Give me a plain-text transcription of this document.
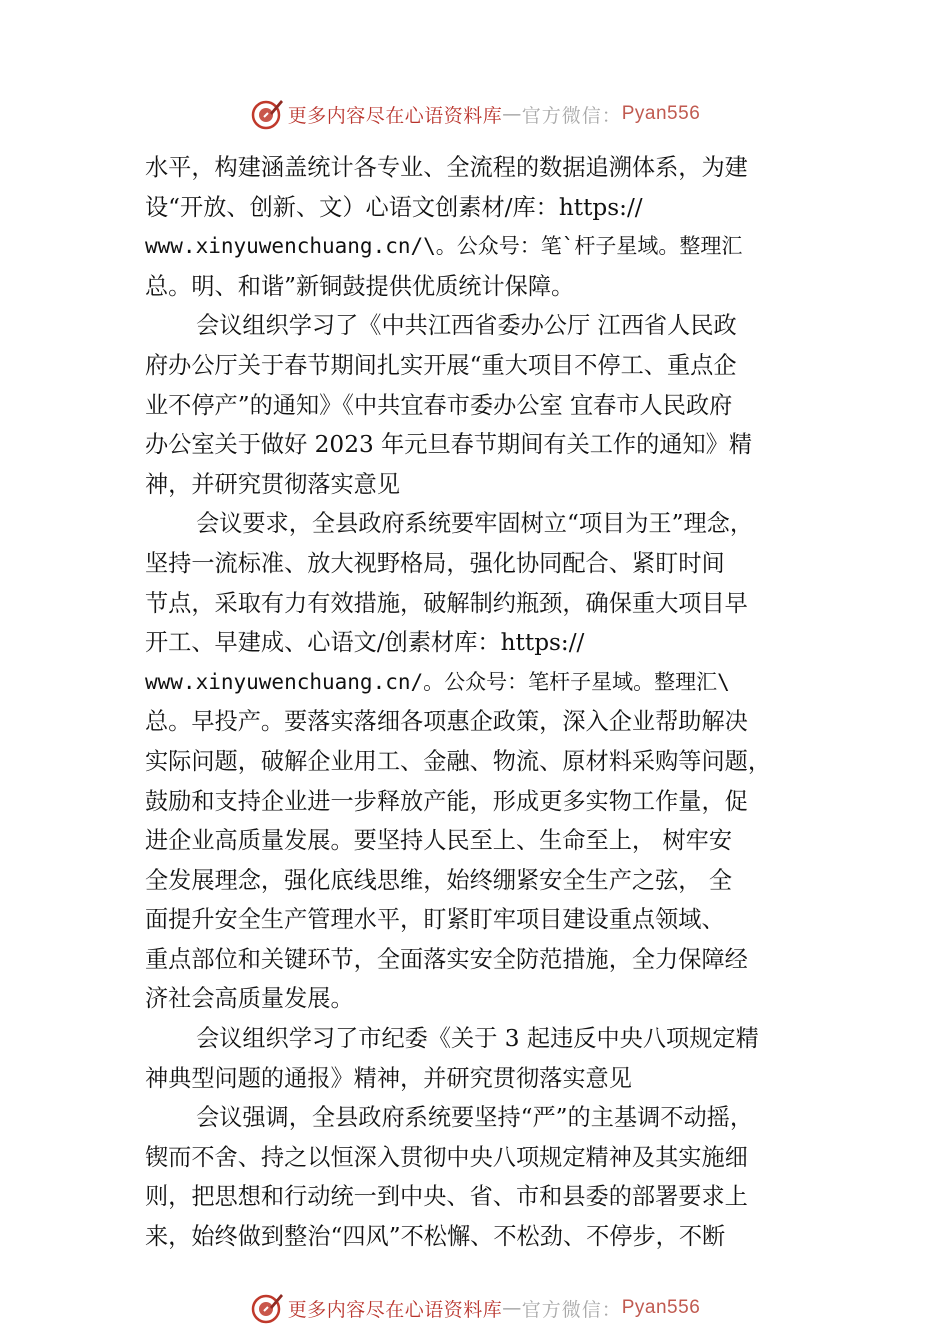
更多内容尽在心语资料库 — 官方微信： Pyan556
水平，构建涵盖统计各专业、全流程的数据追溯体系，为建
设“开放、创新、文）心语文创素材/库：https://
www.xinyuwenchuang.cn/\。公众号：笔`杆子星域。整理汇
总。明、和谐”新铜鼓提供优质统计保障。
会议组织学习了《中共江西省委办公厅 江西省人民政
府办公厅关于春节期间扎实开展“重大项目不停工、重点企
业不停产”的通知》《中共宜春市委办公室 宜春市人民政府
办公室关于做好 2023 年元旦春节期间有关工作的通知》精
神，并研究贯彻落实意见
会议要求，全县政府系统要牢固树立“项目为王”理念，
坚持一流标准、放大视野格局，强化协同配合、紧盯时间
节点，采取有力有效措施，破解制约瓶颈，确保重大项目早
开工、早建成、心语文/创素材库：https://
www.xinyuwenchuang.cn/。公众号：笔杆子星域。整理汇\
总。早投产。要落实落细各项惠企政策，深入企业帮助解决
实际问题，破解企业用工、金融、物流、原材料采购等问题，
鼓励和支持企业进一步释放产能，形成更多实物工作量，促
进企业高质量发展。要坚持人民至上、生命至上， 树牢安
全发展理念，强化底线思维，始终绷紧安全生产之弦， 全
面提升安全生产管理水平，盯紧盯牢项目建设重点领域、
重点部位和关键环节，全面落实安全防范措施，全力保障经
济社会高质量发展。
会议组织学习了市纪委《关于 3 起违反中央八项规定精
神典型问题的通报》精神，并研究贯彻落实意见
会议强调，全县政府系统要坚持“严”的主基调不动摇，
锲而不舍、持之以恒深入贯彻中央八项规定精神及其实施细
则，把思想和行动统一到中央、省、市和县委的部署要求上
来，始终做到整治“四风”不松懈、不松劲、不停步，不断
更多内容尽在心语资料库 — 官方微信： Pyan556
